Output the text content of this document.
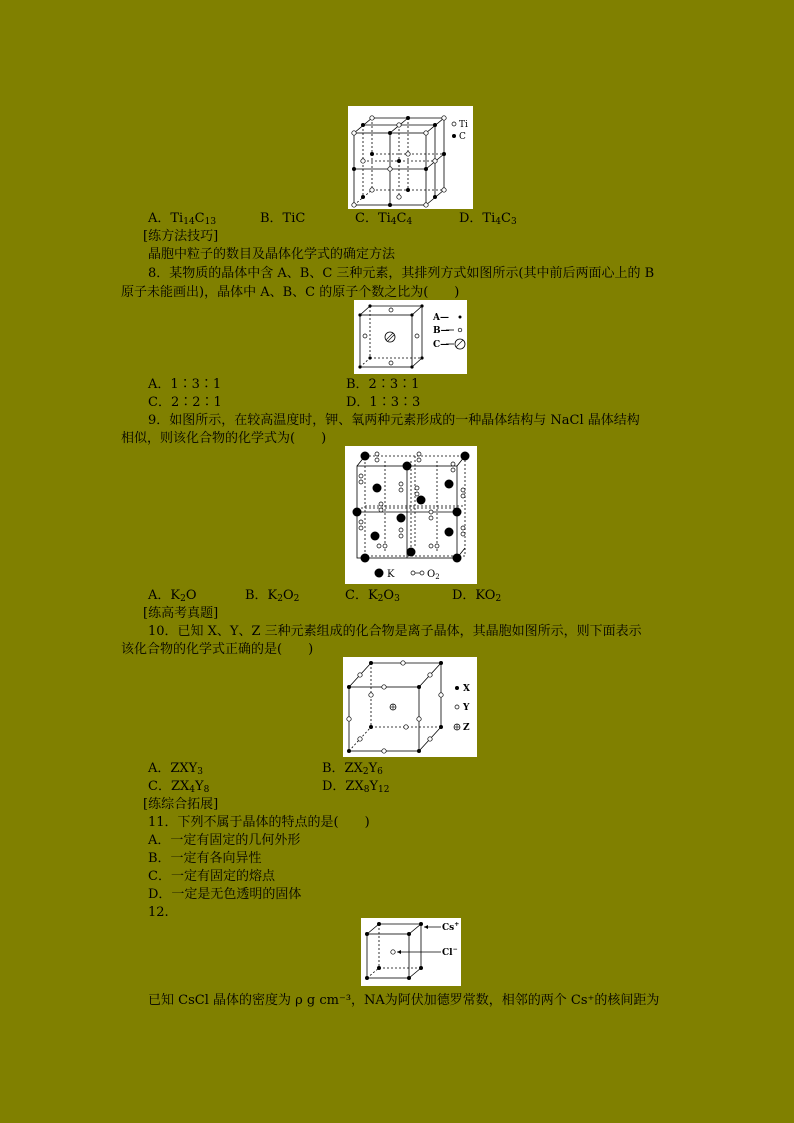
Ti
C
A．$Ti_{14}C_{13}$	B．TiC	C．$Ti_4C_4$	D．$Ti_4C_3$
[练方法技巧]
晶胞中粒子的数目及晶体化学式的确定方法
8．某物质的晶体中含 A、B、C 三种元素，其排列方式如图所示(其中前后两面心上的 B
原子未能画出)，晶体中 A、B、C 的原子个数之比为(　　)
A—
B—
C—
A．1∶3∶1	B．2∶3∶1
C．2∶2∶1	D．1∶3∶3
9．如图所示，在较高温度时，钾、氧两种元素形成的一种晶体结构与 NaCl 晶体结构
相似，则该化合物的化学式为(　　)
K	$O_2$
A．$K_2O$	B．$K_2O_2$	C．$K_2O_3$	D．$KO_2$
[练高考真题]
10．已知 X、Y、Z 三种元素组成的化合物是离子晶体，其晶胞如图所示，则下面表示
该化合物的化学式正确的是(　　)
X
Y
Z
A．$ZXY_3$	B．$ZX_2Y_6$
C．$ZX_4Y_8$	D．$ZX_8Y_{12}$
[练综合拓展]
11．下列不属于晶体的特点的是(　　)
A．一定有固定的几何外形
B．一定有各向异性
C．一定有固定的熔点
D．一定是无色透明的固体
12.
Cs+
Cl−
已知 CsCl 晶体的密度为 ρ g cm⁻³，NA为阿伏加德罗常数，相邻的两个 Cs⁺的核间距为
